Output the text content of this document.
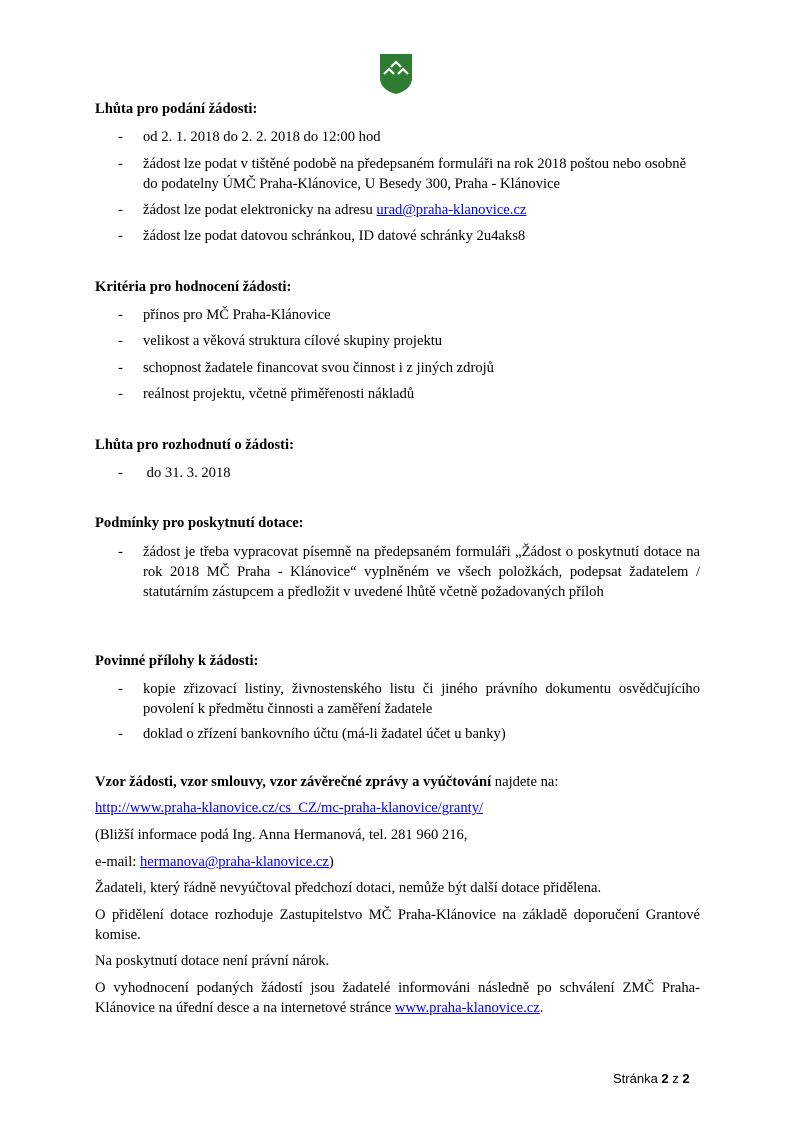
Lhůta pro podání žádosti:
-	od 2. 1. 2018 do 2. 2. 2018 do 12:00 hod
-	žádost lze podat v tištěné podobě na předepsaném formuláři na rok 2018 poštou nebo osobně do podatelny ÚMČ Praha-Klánovice, U Besedy 300, Praha - Klánovice
-	žádost lze podat elektronicky na adresu urad@praha-klanovice.cz
-	žádost lze podat datovou schránkou, ID datové schránky 2u4aks8
Kritéria pro hodnocení žádosti:
-	přínos pro MČ Praha-Klánovice
-	velikost a věková struktura cílové skupiny projektu
-	schopnost žadatele financovat svou činnost i z jiných zdrojů
-	reálnost projektu, včetně přiměřenosti nákladů
Lhůta pro rozhodnutí o žádosti:
-	do 31. 3. 2018
Podmínky pro poskytnutí dotace:
-	žádost je třeba vypracovat písemně na předepsaném formuláři „Žádost o poskytnutí dotace na rok 2018 MČ Praha - Klánovice“ vyplněném ve všech položkách, podepsat žadatelem / statutárním zástupcem a předložit v uvedené lhůtě včetně požadovaných příloh
Povinné přílohy k žádosti:
-	kopie zřizovací listiny, živnostenského listu či jiného právního dokumentu osvědčujícího povolení k předmětu činnosti a zaměření žadatele
-	doklad o zřízení bankovního účtu (má-li žadatel účet u banky)
Vzor žádosti, vzor smlouvy, vzor závěrečné zprávy a vyúčtování najdete na:
http://www.praha-klanovice.cz/cs_CZ/mc-praha-klanovice/granty/
(Bližší informace podá Ing. Anna Hermanová, tel. 281 960 216,
e-mail: hermanova@praha-klanovice.cz)
Žadateli, který řádně nevyúčtoval předchozí dotaci, nemůže být další dotace přidělena.
O přidělení dotace rozhoduje Zastupitelstvo MČ Praha-Klánovice na základě doporučení Grantové komise.
Na poskytnutí dotace není právní nárok.
O vyhodnocení podaných žádostí jsou žadatelé informováni následně po schválení ZMČ Praha-Klánovice na úřední desce a na internetové stránce www.praha-klanovice.cz.
Stránka 2 z 2
